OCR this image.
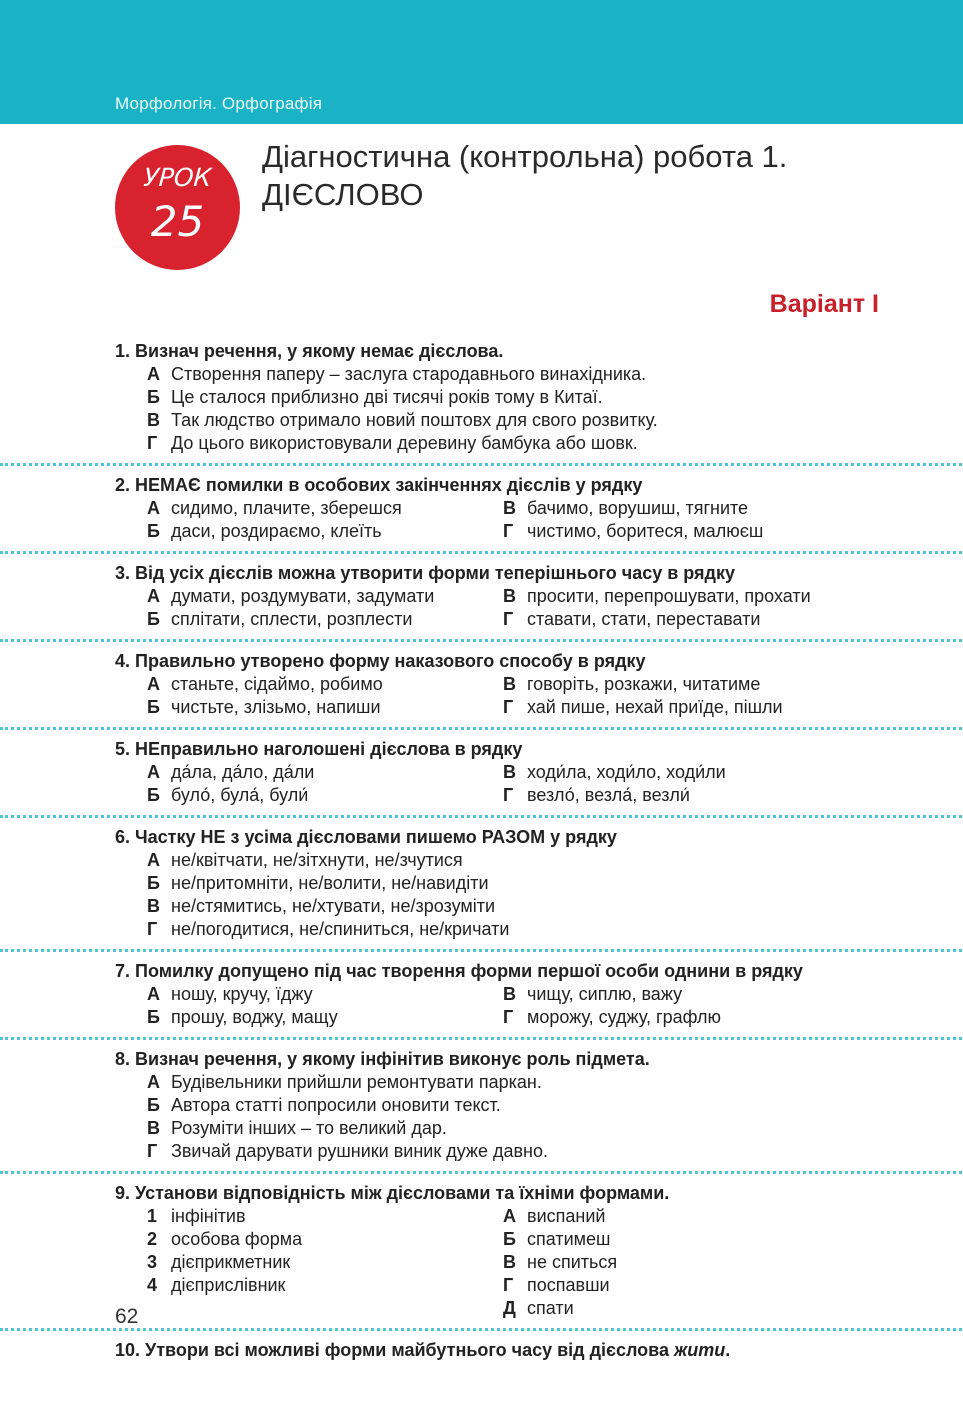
Морфологія. Орфографія
УРОК
25
Діагностична (контрольна) робота 1.
ДІЄСЛОВО
Варіант І
1. Визнач речення, у якому немає дієслова.
А Створення паперу – заслуга стародавнього винахідника.
Б Це сталося приблизно дві тисячі років тому в Китаї.
В Так людство отримало новий поштовх для свого розвитку.
Г До цього використовували деревину бамбука або шовк.
2. НЕМАЄ помилки в особових закінченнях дієслів у рядку
А сидимо, плачите, зберешся	В бачимо, ворушиш, тягните
Б даси, роздираємо, клеїть	Г чистимо, боритеся, малюєш
3. Від усіх дієслів можна утворити форми теперішнього часу в рядку
А думати, роздумувати, задумати	В просити, перепрошувати, прохати
Б сплітати, сплести, розплести	Г ставати, стати, переставати
4. Правильно утворено форму наказового способу в рядку
А станьте, сідаймо, робимо	В говоріть, розкажи, читатиме
Б чистьте, злізьмо, напиши	Г хай пише, нехай приїде, пішли
5. НЕправильно наголошені дієслова в рядку
А да́ла, да́ло, да́ли	В ходи́ла, ходи́ло, ходи́ли
Б було́, була́, були́	Г везло́, везла́, везли́
6. Частку НЕ з усіма дієсловами пишемо РАЗОМ у рядку
А не/квітчати, не/зітхнути, не/зчутися
Б не/притомніти, не/волити, не/навидіти
В не/стямитись, не/хтувати, не/зрозуміти
Г не/погодитися, не/спиниться, не/кричати
7. Помилку допущено під час творення форми першої особи однини в рядку
А ношу, кручу, їджу	В чищу, сиплю, важу
Б прошу, воджу, мащу	Г морожу, суджу, графлю
8. Визнач речення, у якому інфінітив виконує роль підмета.
А Будівельники прийшли ремонтувати паркан.
Б Автора статті попросили оновити текст.
В Розуміти інших – то великий дар.
Г Звичай дарувати рушники виник дуже давно.
9. Установи відповідність між дієсловами та їхніми формами.
1 інфінітив	А виспаний
2 особова форма	Б спатимеш
3 дієприкметник	В не спиться
4 дієприслівник	Г поспавши
Д спати
10. Утвори всі можливі форми майбутнього часу від дієслова жити.
62
